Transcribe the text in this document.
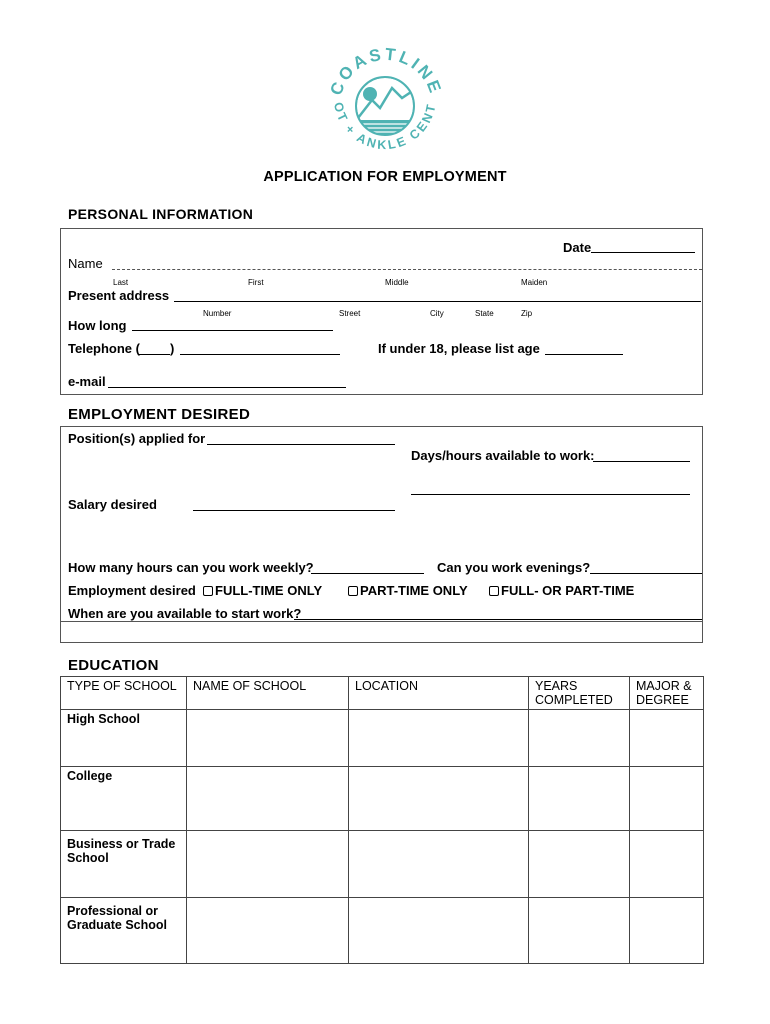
COASTLINE
OT + ANKLE CENT
APPLICATION FOR EMPLOYMENT
PERSONAL INFORMATION
Date
Name
Last	First	Middle	Maiden
Present address
Number	Street	City	State	Zip
How long
Telephone ( )	If under 18, please list age
e-mail
EMPLOYMENT DESIRED
Position(s) applied for
Days/hours available to work:
Salary desired
How many hours can you work weekly?	Can you work evenings?
Employment desired	FULL-TIME ONLY	PART-TIME ONLY	FULL- OR PART-TIME
When are you available to start work?
EDUCATION
TYPE OF SCHOOL	NAME OF SCHOOL	LOCATION	YEARS COMPLETED	MAJOR & DEGREE
High School				
College				
Business or Trade School				
Professional or Graduate School				
